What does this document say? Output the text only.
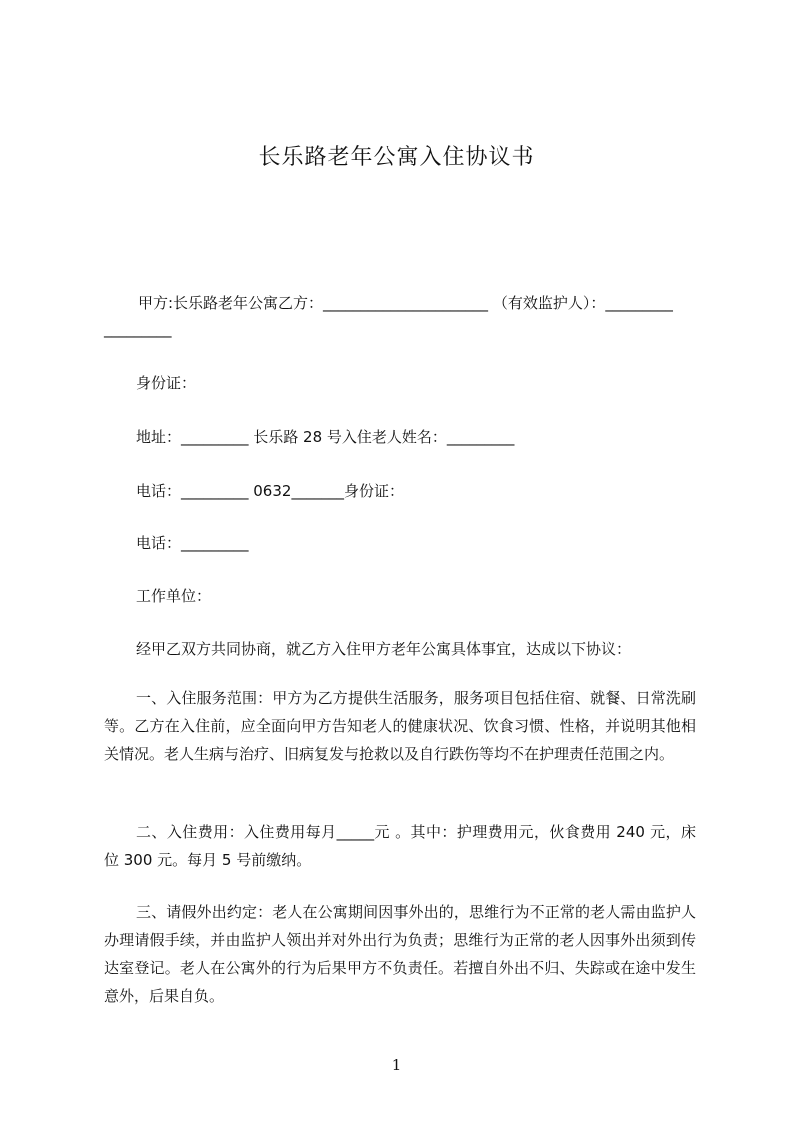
长乐路老年公寓入住协议书
甲方:长乐路老年公寓乙方：______________________ （有效监护人）：_________
_________
身份证：
地址：_________ 长乐路 28 号入住老人姓名：_________
电话：_________ 0632_______身份证：
电话：_________
工作单位：
经甲乙双方共同协商，就乙方入住甲方老年公寓具体事宜，达成以下协议：
一、入住服务范围：甲方为乙方提供生活服务，服务项目包括住宿、就餐、日常洗刷等。乙方在入住前，应全面向甲方告知老人的健康状况、饮食习惯、性格，并说明其他相关情况。老人生病与治疗、旧病复发与抢救以及自行跌伤等均不在护理责任范围之内。
二、入住费用：入住费用每月_____元 。其中：护理费用元，伙食费用 240 元，床位 300 元。每月 5 号前缴纳。
三、请假外出约定：老人在公寓期间因事外出的，思维行为不正常的老人需由监护人办理请假手续，并由监护人领出并对外出行为负责；思维行为正常的老人因事外出须到传达室登记。老人在公寓外的行为后果甲方不负责任。若擅自外出不归、失踪或在途中发生意外，后果自负。
1
